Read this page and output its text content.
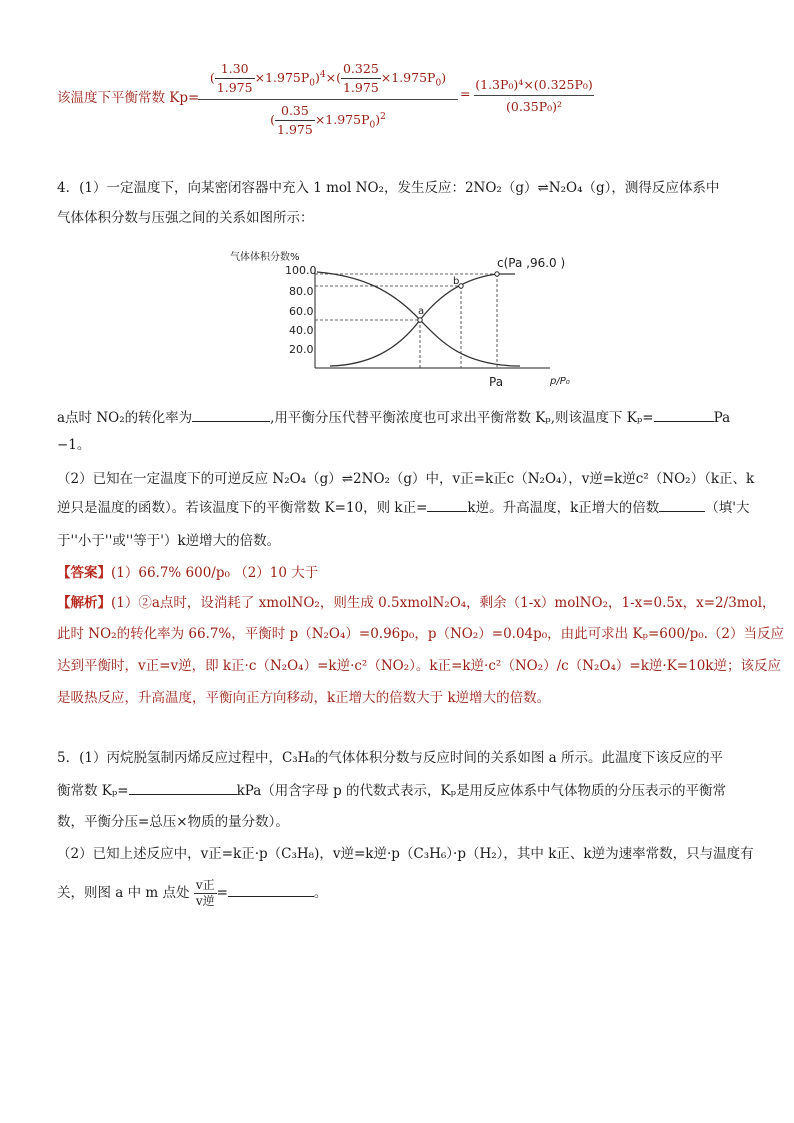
该温度下平衡常数 Kp=
( $\frac{1.30}{1.975} \times 1.975P_0)^4\times( \frac{0.325}{1.975} \times 1.975P_0)$
( $\frac{0.35}{1.975} \times 1.975P_0)^2$
=
(1.3P₀)⁴×(0.325P₀)
(0.35P₀)²
4．(1）一定温度下，向某密闭容器中充入 1 mol NO₂，发生反应：2NO₂（g）⇌N₂O₄（g），测得反应体系中
气体体积分数与压强之间的关系如图所示：
气体体积分数%
100.0
80.0
60.0
40.0
20.0
a
b
c(Pa ,96.0 )
Pa	p/P₀
a点时 NO₂的转化率为	,用平衡分压代替平衡浓度也可求出平衡常数 Kₚ,则该温度下 Kₚ=	Pa
−1。
（2）已知在一定温度下的可逆反应 N₂O₄（g）⇌2NO₂（g）中，v正=k正c（N₂O₄），v逆=k逆c²（NO₂）（k正、k
逆只是温度的函数）。若该温度下的平衡常数 K=10，则 k正=	k逆。升高温度，k正增大的倍数	（填'大
于''小于''或''等于'）k逆增大的倍数。
【答案】(1）66.7% 600/p₀ （2）10 大于
【解析】(1）②a点时，设消耗了 xmolNO₂，则生成 0.5xmolN₂O₄，剩余（1-x）molNO₂，1-x=0.5x，x=2/3mol，
此时 NO₂的转化率为 66.7%，平衡时 p（N₂O₄）=0.96p₀，p（NO₂）=0.04p₀，由此可求出 Kₚ=600/p₀.（2）当反应
达到平衡时，v正=v逆，即 k正·c（N₂O₄）=k逆·c²（NO₂）。k正=k逆·c²（NO₂）/c（N₂O₄）=k逆·K=10k逆；该反应
是吸热反应，升高温度，平衡向正方向移动，k正增大的倍数大于 k逆增大的倍数。
5．(1）丙烷脱氢制丙烯反应过程中，C₃H₈的气体体积分数与反应时间的关系如图 a 所示。此温度下该反应的平
衡常数 Kₚ=	kPa（用含字母 p 的代数式表示，Kₚ是用反应体系中气体物质的分压表示的平衡常
数，平衡分压=总压×物质的量分数）。
（2）已知上述反应中，v正=k正·p（C₃H₈)，v逆=k逆·p（C₃H₆）·p（H₂），其中 k正、k逆为速率常数，只与温度有
关，则图 a 中 m 点处 $\frac{\text{v正}}{\text{v逆}}$ =	。
